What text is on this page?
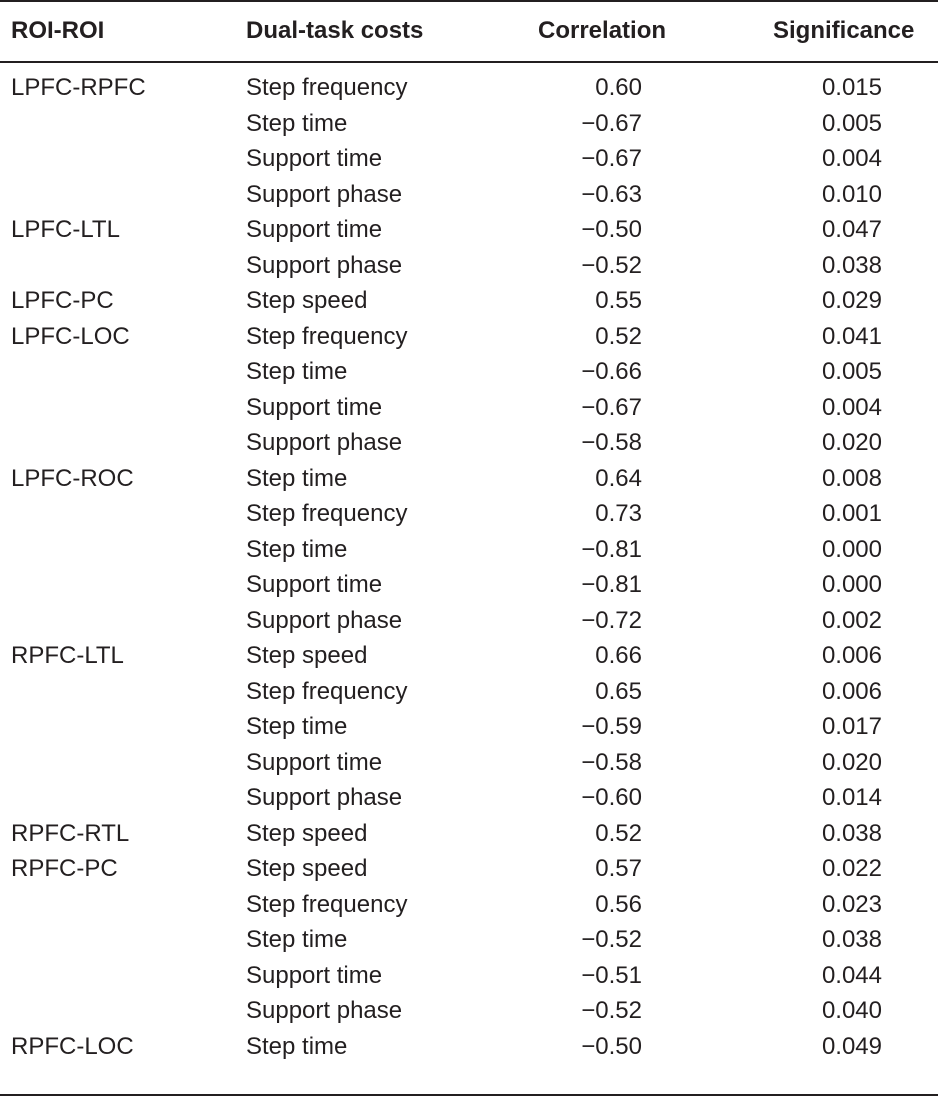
ROI-ROI	Dual-task costs	Correlation	Significance
LPFC-RPFC	Step frequency	0.60	0.015
Step time	−0.67	0.005
Support time	−0.67	0.004
Support phase	−0.63	0.010
LPFC-LTL	Support time	−0.50	0.047
Support phase	−0.52	0.038
LPFC-PC	Step speed	0.55	0.029
LPFC-LOC	Step frequency	0.52	0.041
Step time	−0.66	0.005
Support time	−0.67	0.004
Support phase	−0.58	0.020
LPFC-ROC	Step time	0.64	0.008
Step frequency	0.73	0.001
Step time	−0.81	0.000
Support time	−0.81	0.000
Support phase	−0.72	0.002
RPFC-LTL	Step speed	0.66	0.006
Step frequency	0.65	0.006
Step time	−0.59	0.017
Support time	−0.58	0.020
Support phase	−0.60	0.014
RPFC-RTL	Step speed	0.52	0.038
RPFC-PC	Step speed	0.57	0.022
Step frequency	0.56	0.023
Step time	−0.52	0.038
Support time	−0.51	0.044
Support phase	−0.52	0.040
RPFC-LOC	Step time	−0.50	0.049
